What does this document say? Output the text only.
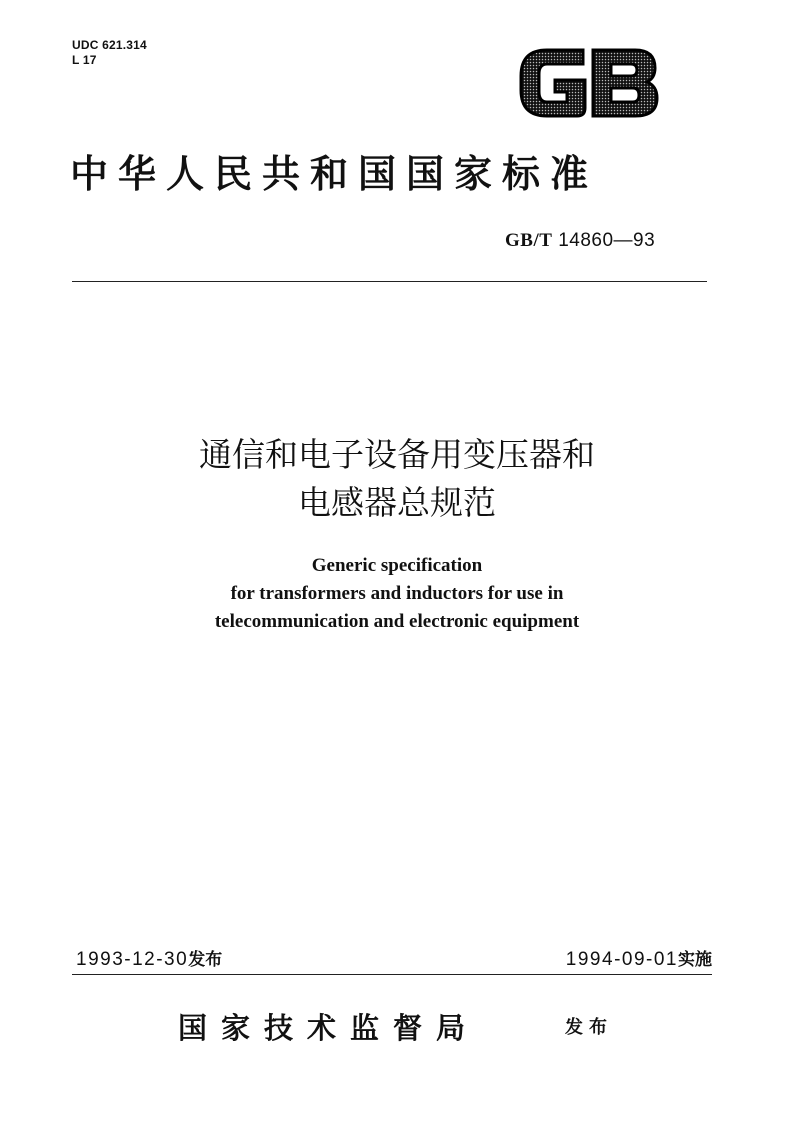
UDC 621.314
L 17
中华人民共和国国家标准
GB/T 14860—93
通信和电子设备用变压器和
电感器总规范
Generic specification
for transformers and inductors for use in
telecommunication and electronic equipment
1993-12-30发布	1994-09-01实施
国家技术监督局	发布
